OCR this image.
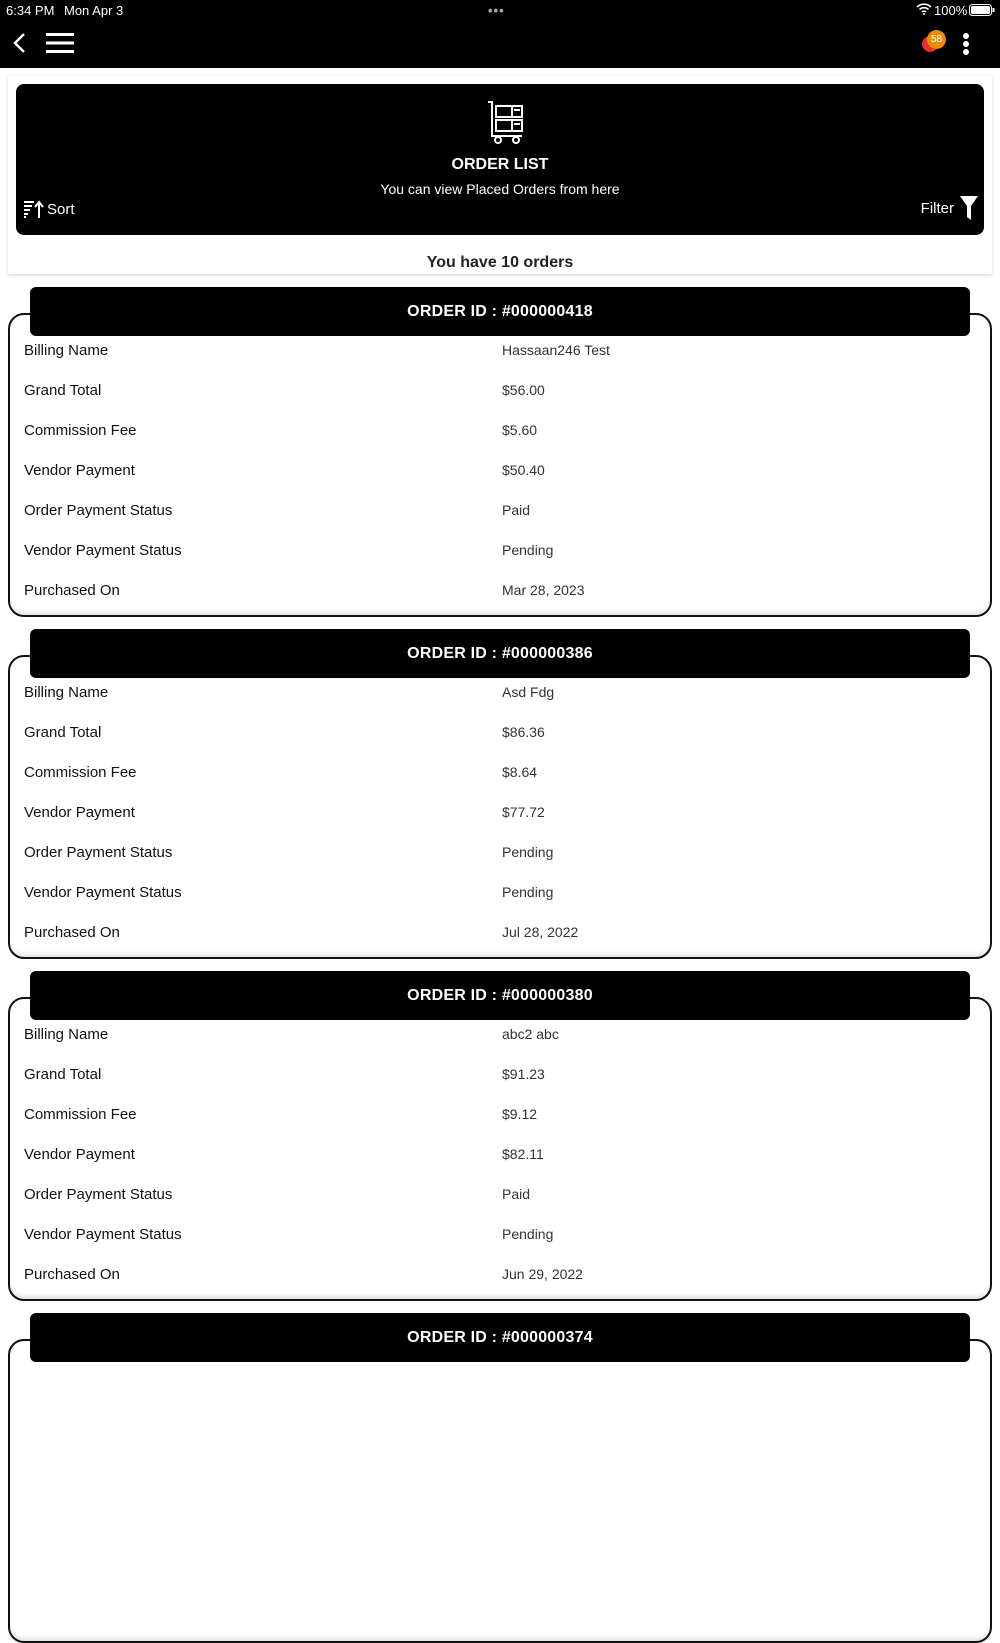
6:34 PM Mon Apr 3	•••	100%
58
ORDER LIST
You can view Placed Orders from here
Sort	Filter
You have 10 orders
ORDER ID : #000000418
Billing Name	Hassaan246 Test
Grand Total	$56.00
Commission Fee	$5.60
Vendor Payment	$50.40
Order Payment Status	Paid
Vendor Payment Status	Pending
Purchased On	Mar 28, 2023
ORDER ID : #000000386
Billing Name	Asd Fdg
Grand Total	$86.36
Commission Fee	$8.64
Vendor Payment	$77.72
Order Payment Status	Pending
Vendor Payment Status	Pending
Purchased On	Jul 28, 2022
ORDER ID : #000000380
Billing Name	abc2 abc
Grand Total	$91.23
Commission Fee	$9.12
Vendor Payment	$82.11
Order Payment Status	Paid
Vendor Payment Status	Pending
Purchased On	Jun 29, 2022
ORDER ID : #000000374
